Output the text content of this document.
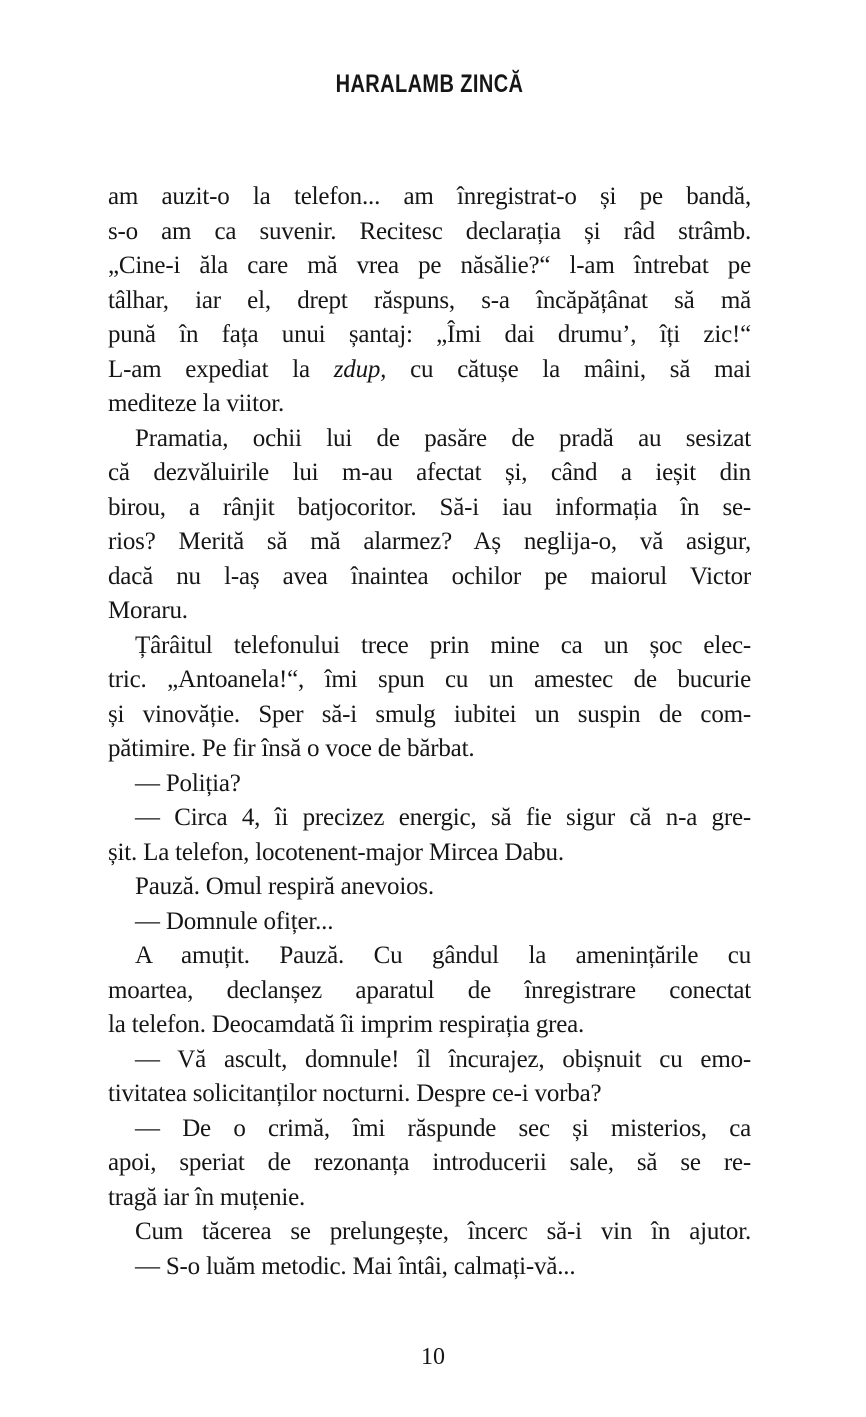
HARALAMB ZINCĂ
am auzit-o la telefon... am înregistrat-o și pe bandă,
s-o am ca suvenir. Recitesc declarația și râd strâmb.
„Cine-i ăla care mă vrea pe năsălie?“ l-am întrebat pe
tâlhar, iar el, drept răspuns, s-a încăpățânat să mă
pună în fața unui șantaj: „Îmi dai drumu’, îți zic!“
L-am expediat la zdup, cu cătușe la mâini, să mai
mediteze la viitor.
Pramatia, ochii lui de pasăre de pradă au sesizat
că dezvăluirile lui m-au afectat și, când a ieșit din
birou, a rânjit batjocoritor. Să-i iau informația în se-
rios? Merită să mă alarmez? Aș neglija-o, vă asigur,
dacă nu l-aș avea înaintea ochilor pe maiorul Victor
Moraru.
Țârâitul telefonului trece prin mine ca un șoc elec-
tric. „Antoanela!“, îmi spun cu un amestec de bucurie
și vinovăție. Sper să-i smulg iubitei un suspin de com-
pătimire. Pe fir însă o voce de bărbat.
— Poliția?
— Circa 4, îi precizez energic, să fie sigur că n-a gre-
șit. La telefon, locotenent-major Mircea Dabu.
Pauză. Omul respiră anevoios.
— Domnule ofițer...
A amuțit. Pauză. Cu gândul la amenințările cu
moartea, declanșez aparatul de înregistrare conectat
la telefon. Deocamdată îi imprim respirația grea.
— Vă ascult, domnule! îl încurajez, obișnuit cu emo-
tivitatea solicitanților nocturni. Despre ce-i vorba?
— De o crimă, îmi răspunde sec și misterios, ca
apoi, speriat de rezonanța introducerii sale, să se re-
tragă iar în muțenie.
Cum tăcerea se prelungește, încerc să-i vin în ajutor.
— S-o luăm metodic. Mai întâi, calmați-vă...
10
